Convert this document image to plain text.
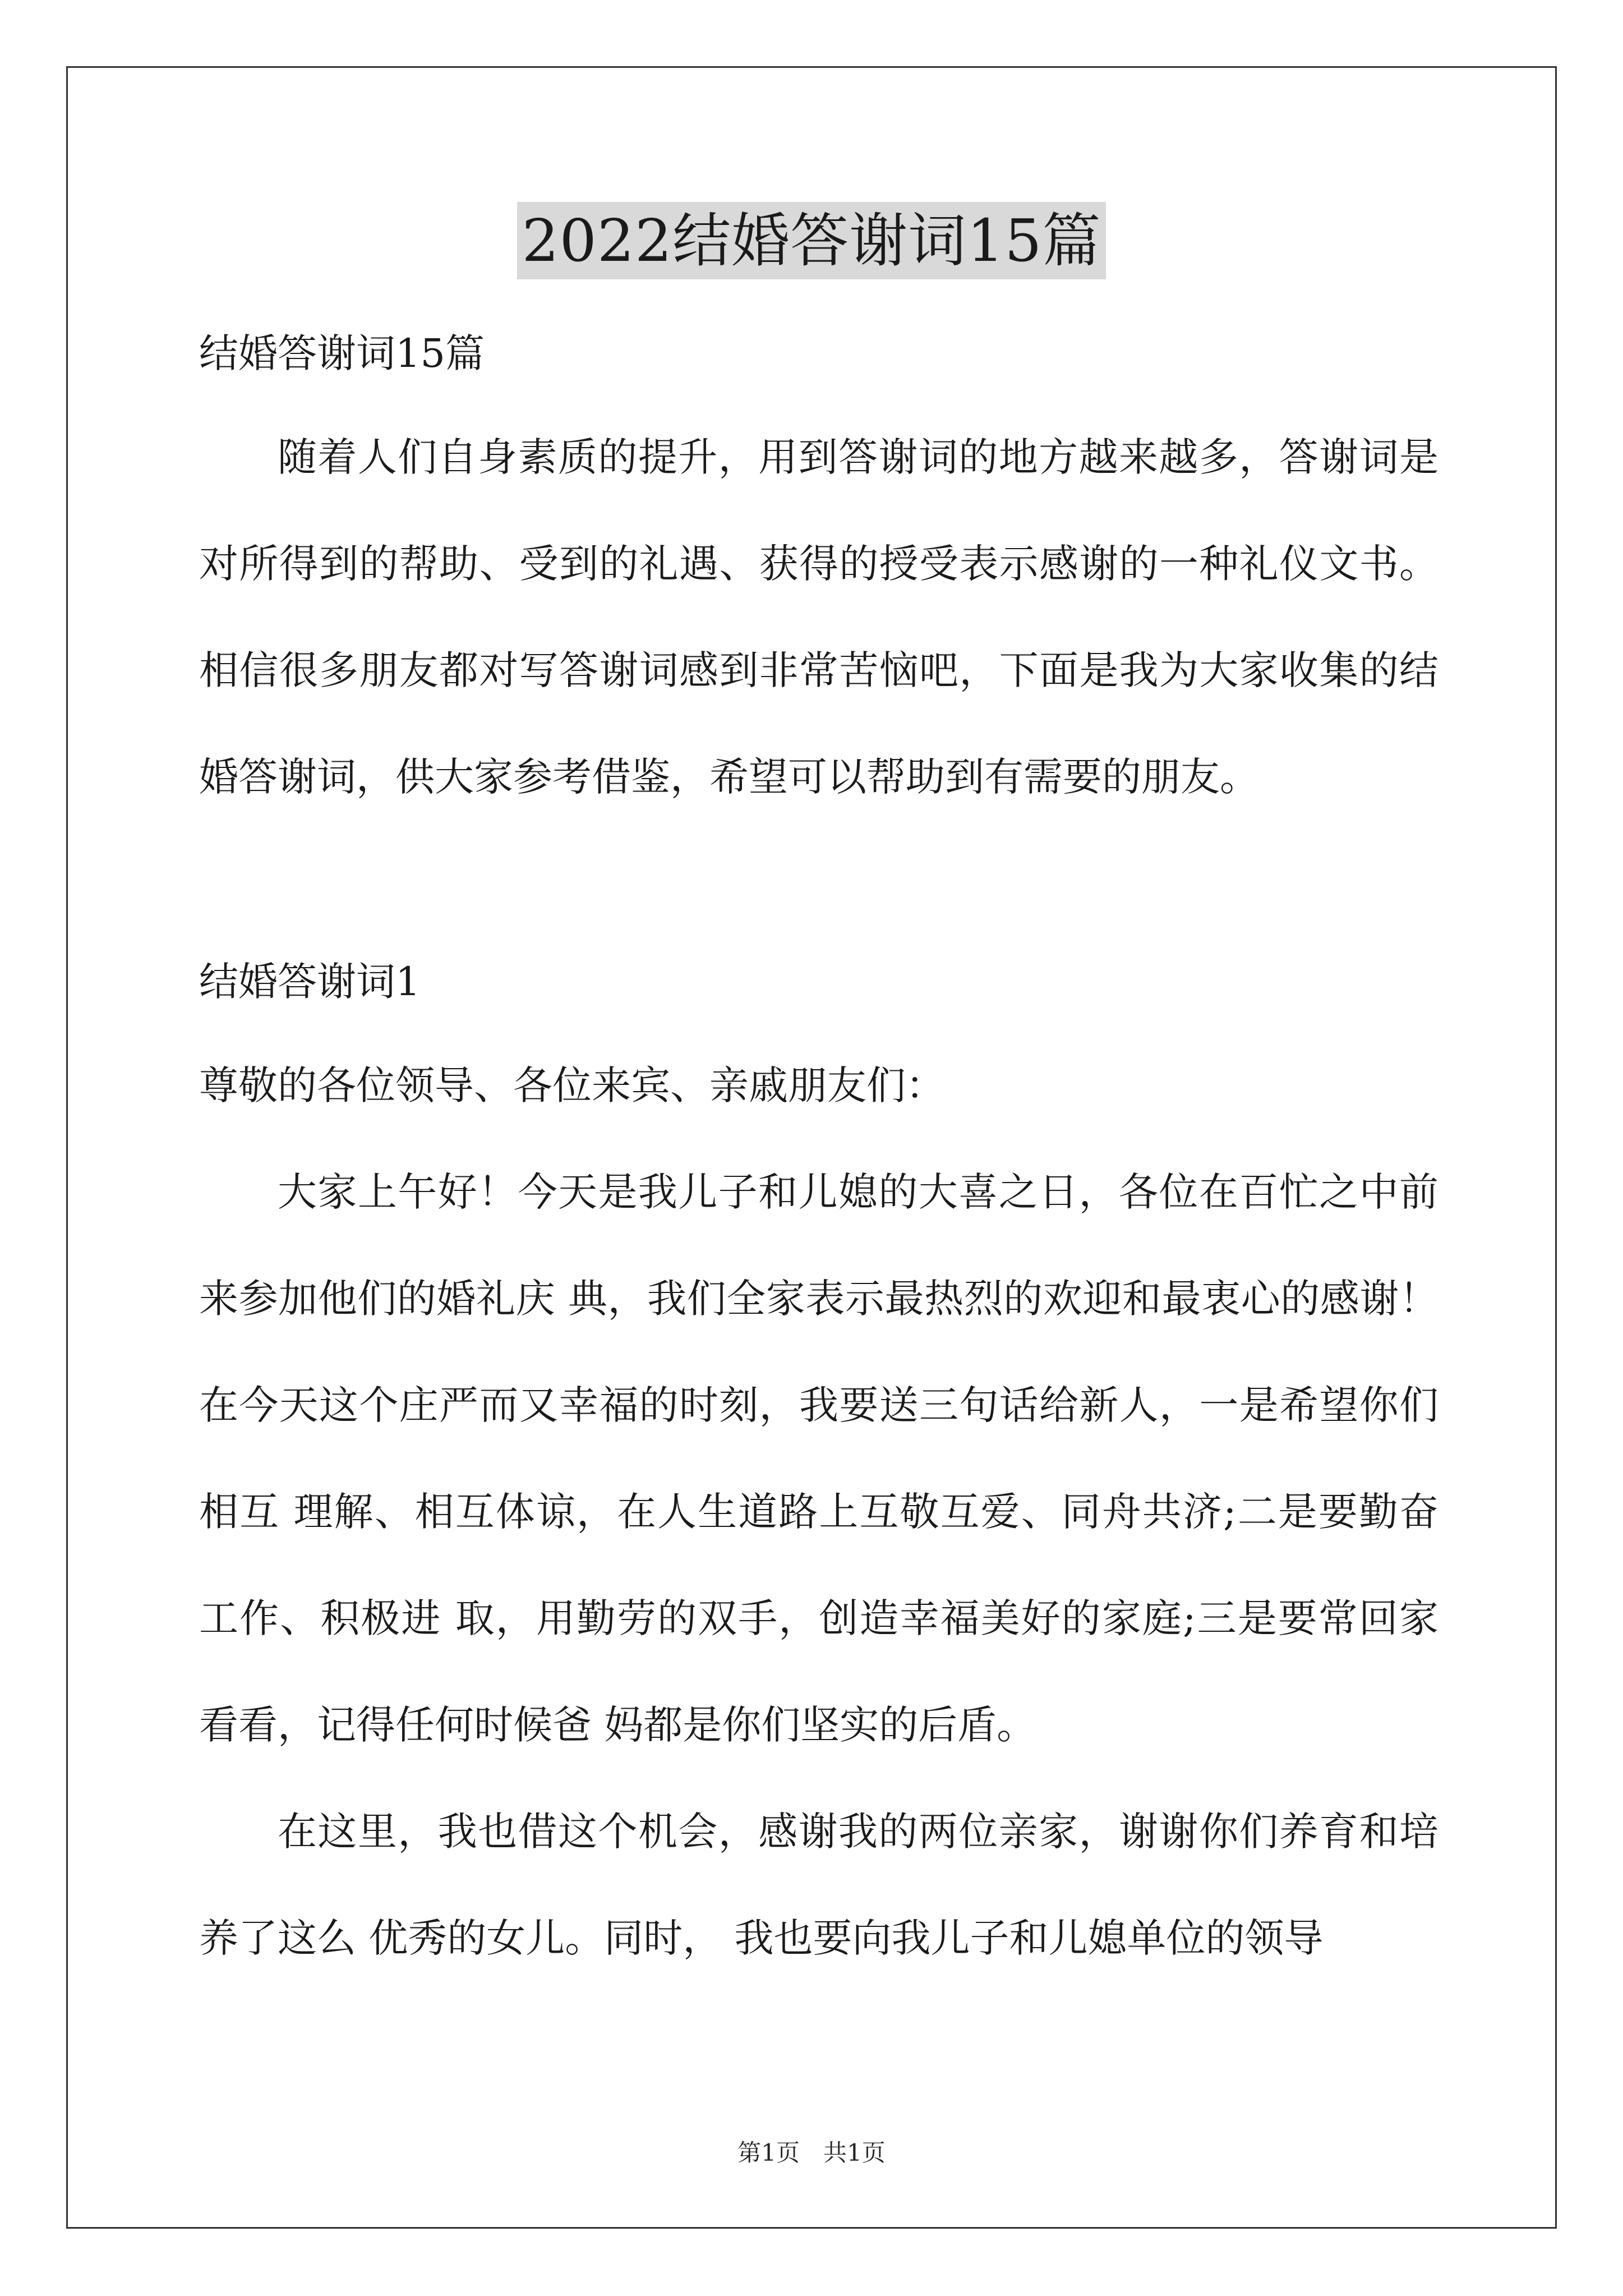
2022结婚答谢词15篇

结婚答谢词15篇

随着人们自身素质的提升，用到答谢词的地方越来越多，答谢词是对所得到的帮助、受到的礼遇、获得的授受表示感谢的一种礼仪文书。相信很多朋友都对写答谢词感到非常苦恼吧，下面是我为大家收集的结婚答谢词，供大家参考借鉴，希望可以帮助到有需要的朋友。

结婚答谢词1

尊敬的各位领导、各位来宾、亲戚朋友们：

大家上午好！今天是我儿子和儿媳的大喜之日，各位在百忙之中前来参加他们的婚礼庆 典，我们全家表示最热烈的欢迎和最衷心的感谢！在今天这个庄严而又幸福的时刻，我要送三句话给新人，一是希望你们相互 理解、相互体谅，在人生道路上互敬互爱、同舟共济;二是要勤奋工作、积极进 取，用勤劳的双手，创造幸福美好的家庭;三是要常回家看看，记得任何时候爸 妈都是你们坚实的后盾。

在这里，我也借这个机会，感谢我的两位亲家，谢谢你们养育和培养了这么 优秀的女儿。同时， 我也要向我儿子和儿媳单位的领导

第1页　共1页
